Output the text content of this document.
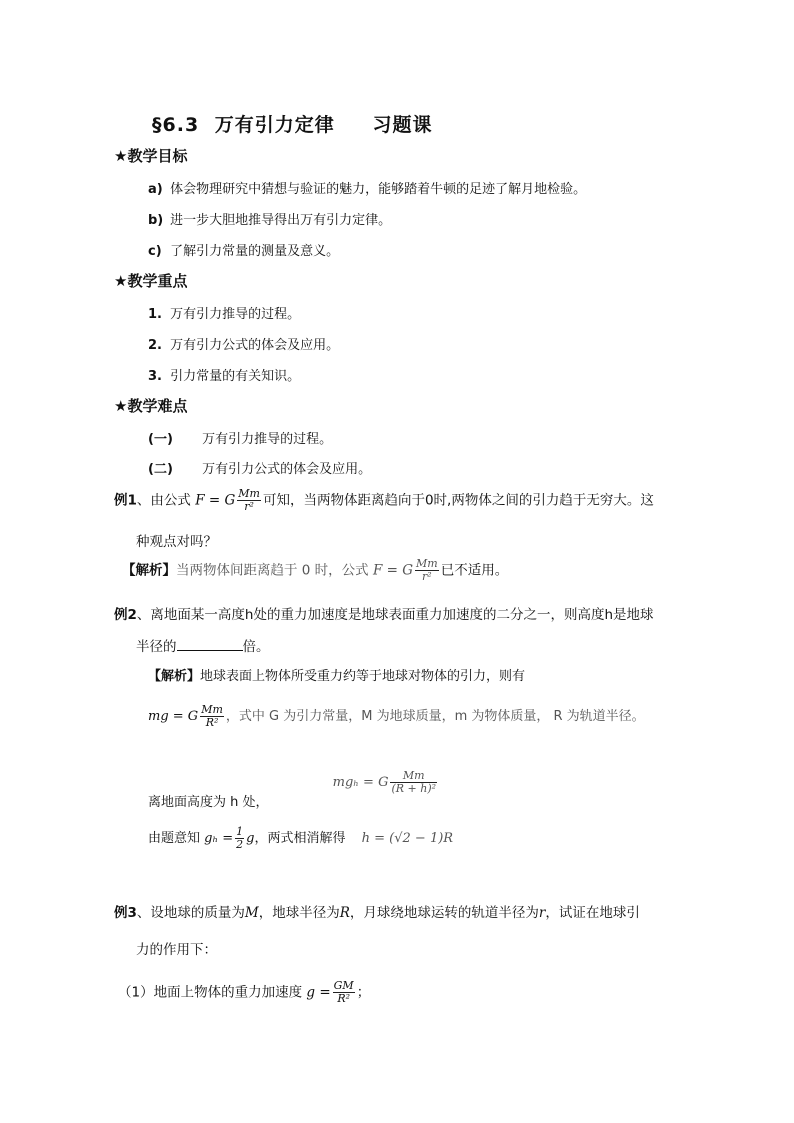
§6.3 万有引力定律 习题课
★教学目标
a) 体会物理研究中猜想与验证的魅力，能够踏着牛顿的足迹了解月地检验。
b) 进一步大胆地推导得出万有引力定律。
c) 了解引力常量的测量及意义。
★教学重点
1. 万有引力推导的过程。
2. 万有引力公式的体会及应用。
3. 引力常量的有关知识。
★教学难点
(一) 万有引力推导的过程。
(二) 万有引力公式的体会及应用。
例1、由公式 F = G $\frac{Mm}{\text{r²}}$ 可知，当两物体距离趋向于0时,两物体之间的引力趋于无穷大。这
种观点对吗？
【解析】当两物体间距离趋于 0 时，公式 F = G $\frac{Mm}{\text{r²}}$ 已不适用。
例2、离地面某一高度h处的重力加速度是地球表面重力加速度的二分之一，则高度h是地球
半径的	倍。
【解析】地球表面上物体所受重力约等于地球对物体的引力，则有
mg = G $\frac{Mm}{\text{R²}}$ ，式中 G 为引力常量，M 为地球质量，m 为物体质量， R 为轨道半径。
离地面高度为 h 处， mgₕ = G $\frac{Mm}{\text{(R + h)²}}$
由题意知 $g_h = \frac{1}{2}$ g，两式相消解得 h = (√2 − 1)R
例3、设地球的质量为M，地球半径为R，月球绕地球运转的轨道半径为r，试证在地球引
力的作用下：
（1）地面上物体的重力加速度 $g = \frac{GM}{\text{R²}}$ ；
